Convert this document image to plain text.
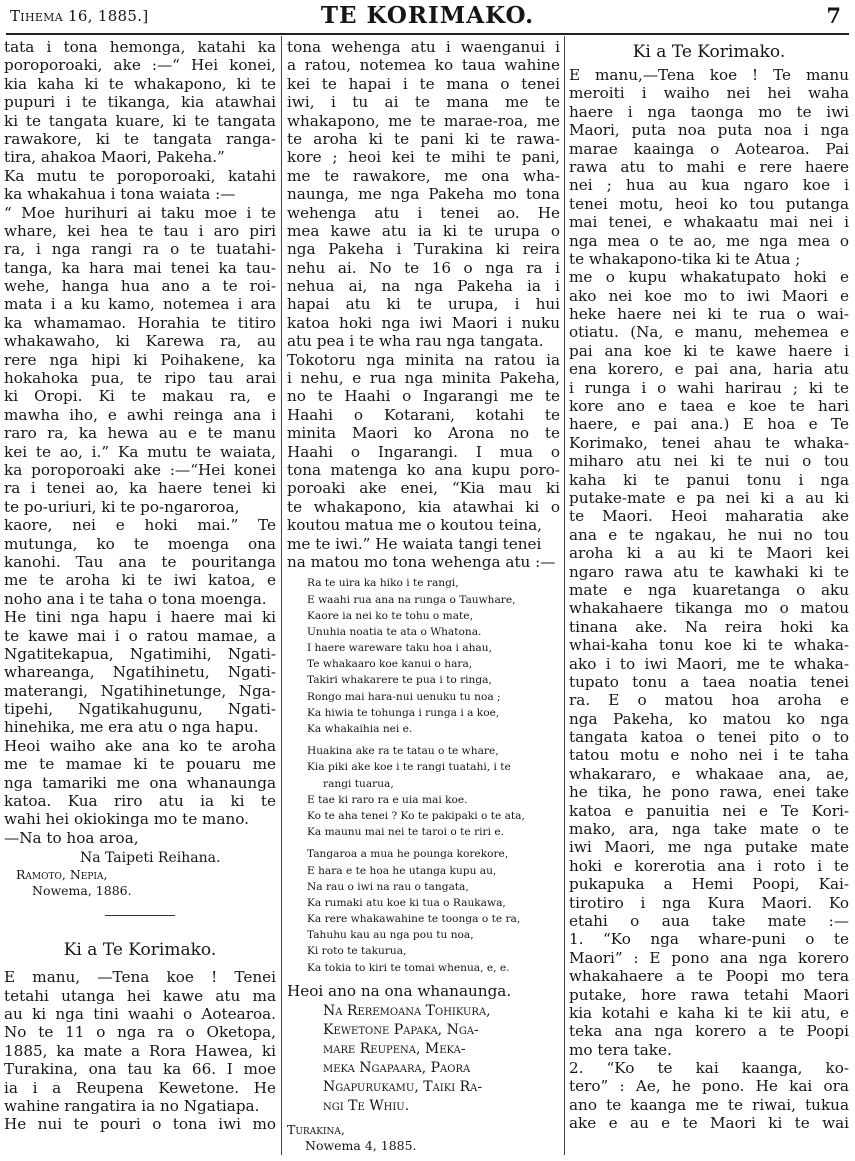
Tihema 16, 1885.]	TE KORIMAKO.	7
tata i tona hemonga, katahi ka
poroporoaki, ake :—“ Hei konei,
kia kaha ki te whakapono, ki te
pupuri i te tikanga, kia atawhai
ki te tangata kuare, ki te tangata
rawakore, ki te tangata ranga-
tira, ahakoa Maori, Pakeha.”
Ka mutu te poroporoaki, katahi
ka whakahua i tona waiata :—
“ Moe hurihuri ai taku moe i te
whare, kei hea te tau i aro piri
ra, i nga rangi ra o te tuatahi-
tanga, ka hara mai tenei ka tau-
wehe, hanga hua ano a te roi-
mata i a ku kamo, notemea i ara
ka whamamao. Horahia te titiro
whakawaho, ki Karewa ra, au
rere nga hipi ki Poihakene, ka
hokahoka pua, te ripo tau arai
ki Oropi. Ki te makau ra, e
mawha iho, e awhi reinga ana i
raro ra, ka hewa au e te manu
kei te ao, i.” Ka mutu te waiata,
ka poroporoaki ake :—“Hei konei
ra i tenei ao, ka haere tenei ki
te po-uriuri, ki te po-ngaroroa,
kaore, nei e hoki mai.” Te
mutunga, ko te moenga ona
kanohi. Tau ana te pouritanga
me te aroha ki te iwi katoa, e
noho ana i te taha o tona moenga.
He tini nga hapu i haere mai ki
te kawe mai i o ratou mamae, a
Ngatitekapua, Ngatimihi, Ngati-
whareanga, Ngatihinetu, Ngati-
materangi, Ngatihinetunge, Nga-
tipehi, Ngatikahugunu, Ngati-
hinehika, me era atu o nga hapu.
Heoi waiho ake ana ko te aroha
me te mamae ki te pouaru me
nga tamariki me ona whanaunga
katoa. Kua riro atu ia ki te
wahi hei okiokinga mo te mano.
—Na to hoa aroa,
Na Taipeti Reihana.
Ramoto, Nepia,
Nowema, 1886.
Ki a Te Korimako.
E manu, —Tena koe ! Tenei
tetahi utanga hei kawe atu ma
au ki nga tini waahi o Aotearoa.
No te 11 o nga ra o Oketopa,
1885, ka mate a Rora Hawea, ki
Turakina, ona tau ka 66. I moe
ia i a Reupena Kewetone. He
wahine rangatira ia no Ngatiapa.
He nui te pouri o tona iwi mo
tona wehenga atu i waenganui i
a ratou, notemea ko taua wahine
kei te hapai i te mana o tenei
iwi, i tu ai te mana me te
whakapono, me te marae-roa, me
te aroha ki te pani ki te rawa-
kore ; heoi kei te mihi te pani,
me te rawakore, me ona wha-
naunga, me nga Pakeha mo tona
wehenga atu i tenei ao. He
mea kawe atu ia ki te urupa o
nga Pakeha i Turakina ki reira
nehu ai. No te 16 o nga ra i
nehua ai, na nga Pakeha ia i
hapai atu ki te urupa, i hui
katoa hoki nga iwi Maori i nuku
atu pea i te wha rau nga tangata.
Tokotoru nga minita na ratou ia
i nehu, e rua nga minita Pakeha,
no te Haahi o Ingarangi me te
Haahi o Kotarani, kotahi te
minita Maori ko Arona no te
Haahi o Ingarangi. I mua o
tona matenga ko ana kupu poro-
poroaki ake enei, “Kia mau ki
te whakapono, kia atawhai ki o
koutou matua me o koutou teina,
me te iwi.” He waiata tangi tenei
na matou mo tona wehenga atu :—
Ra te uira ka hiko i te rangi,
E waahi rua ana na runga o Tauwhare,
Kaore ia nei ko te tohu o mate,
Unuhia noatia te ata o Whatona.
I haere wareware taku hoa i ahau,
Te whakaaro koe kanui o hara,
Takiri whakarere te pua i to ringa,
Rongo mai hara-nui uenuku tu noa ;
Ka hiwia te tohunga i runga i a koe,
Ka whakaihia nei e.
Huakina ake ra te tatau o te whare,
Kia piki ake koe i te rangi tuatahi, i te
rangi tuarua,
E tae ki raro ra e uia mai koe.
Ko te aha tenei ? Ko te pakipaki o te ata,
Ka maunu mai nei te taroi o te riri e.
Tangaroa a mua he pounga korekore,
E hara e te hoa he utanga kupu au,
Na rau o iwi na rau o tangata,
Ka rumaki atu koe ki tua o Raukawa,
Ka rere whakawahine te toonga o te ra,
Tahuhu kau au nga pou tu noa,
Ki roto te takurua,
Ka tokia to kiri te tomai whenua, e, e.
Heoi ano na ona whanaunga.
Na Reremoana Tohikura,
Kewetone Papaka, Nga-
mare Reupena, Meka-
meka Ngapaara, Paora
Ngapurukamu, Taiki Ra-
ngi Te Whiu.
Turakina,
Nowema 4, 1885.
Ki a Te Korimako.
E manu,—Tena koe ! Te manu
meroiti i waiho nei hei waha
haere i nga taonga mo te iwi
Maori, puta noa puta noa i nga
marae kaainga o Aotearoa. Pai
rawa atu to mahi e rere haere
nei ; hua au kua ngaro koe i
tenei motu, heoi ko tou putanga
mai tenei, e whakaatu mai nei i
nga mea o te ao, me nga mea o
te whakapono-tika ki te Atua ;
me o kupu whakatupato hoki e
ako nei koe mo to iwi Maori e
heke haere nei ki te rua o wai-
otiatu. (Na, e manu, mehemea e
pai ana koe ki te kawe haere i
ena korero, e pai ana, haria atu
i runga i o wahi harirau ; ki te
kore ano e taea e koe te hari
haere, e pai ana.) E hoa e Te
Korimako, tenei ahau te whaka-
miharo atu nei ki te nui o tou
kaha ki te panui tonu i nga
putake-mate e pa nei ki a au ki
te Maori. Heoi maharatia ake
ana e te ngakau, he nui no tou
aroha ki a au ki te Maori kei
ngaro rawa atu te kawhaki ki te
mate e nga kuaretanga o aku
whakahaere tikanga mo o matou
tinana ake. Na reira hoki ka
whai-kaha tonu koe ki te whaka-
ako i to iwi Maori, me te whaka-
tupato tonu a taea noatia tenei
ra. E o matou hoa aroha e
nga Pakeha, ko matou ko nga
tangata katoa o tenei pito o to
tatou motu e noho nei i te taha
whakararo, e whakaae ana, ae,
he tika, he pono rawa, enei take
katoa e panuitia nei e Te Kori-
mako, ara, nga take mate o te
iwi Maori, me nga putake mate
hoki e korerotia ana i roto i te
pukapuka a Hemi Poopi, Kai-
tirotiro i nga Kura Maori. Ko
etahi o aua take mate :—
1. “Ko nga whare-puni o te
Maori” : E pono ana nga korero
whakahaere a te Poopi mo tera
putake, hore rawa tetahi Maori
kia kotahi e kaha ki te kii atu, e
teka ana nga korero a te Poopi
mo tera take.
2. “Ko te kai kaanga, ko-
tero” : Ae, he pono. He kai ora
ano te kaanga me te riwai, tukua
ake e au e te Maori ki te wai
